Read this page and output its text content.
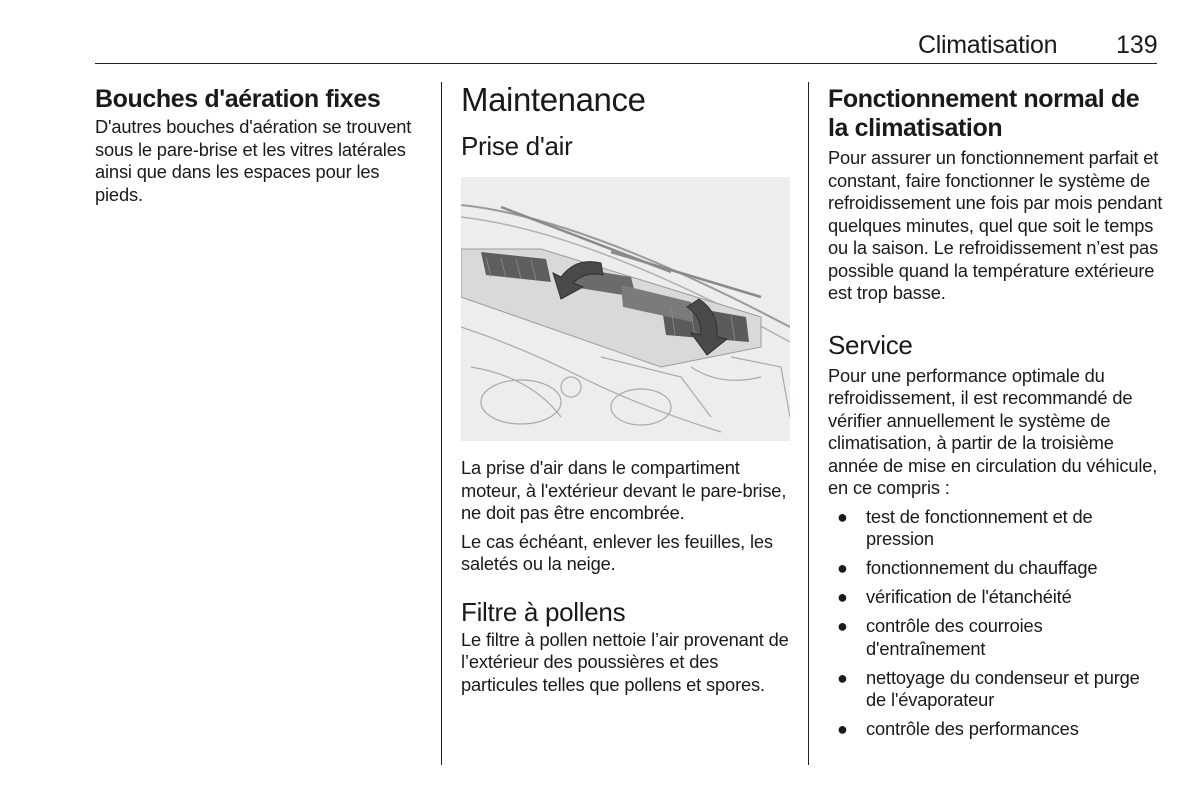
Climatisation 139
Bouches d'aération fixes

D'autres bouches d'aération se trouvent sous le pare-brise et les vitres latérales ainsi que dans les espaces pour les pieds.

Maintenance
Prise d'air

La prise d'air dans le compartiment moteur, à l'extérieur devant le pare-brise, ne doit pas être encombrée.

Le cas échéant, enlever les feuilles, les saletés ou la neige.

Filtre à pollens

Le filtre à pollen nettoie l’air provenant de l’extérieur des poussières et des particules telles que pollens et spores.

Fonctionnement normal de la climatisation

Pour assurer un fonctionnement parfait et constant, faire fonctionner le système de refroidissement une fois par mois pendant quelques minutes, quel que soit le temps ou la saison. Le refroidissement n’est pas possible quand la température extérieure est trop basse.

Service

Pour une performance optimale du refroidissement, il est recommandé de vérifier annuellement le système de climatisation, à partir de la troisième année de mise en circulation du véhicule, en ce compris :

● test de fonctionnement et de pression
● fonctionnement du chauffage
● vérification de l'étanchéité
● contrôle des courroies d'entraînement
● nettoyage du condenseur et purge de l'évaporateur
● contrôle des performances
